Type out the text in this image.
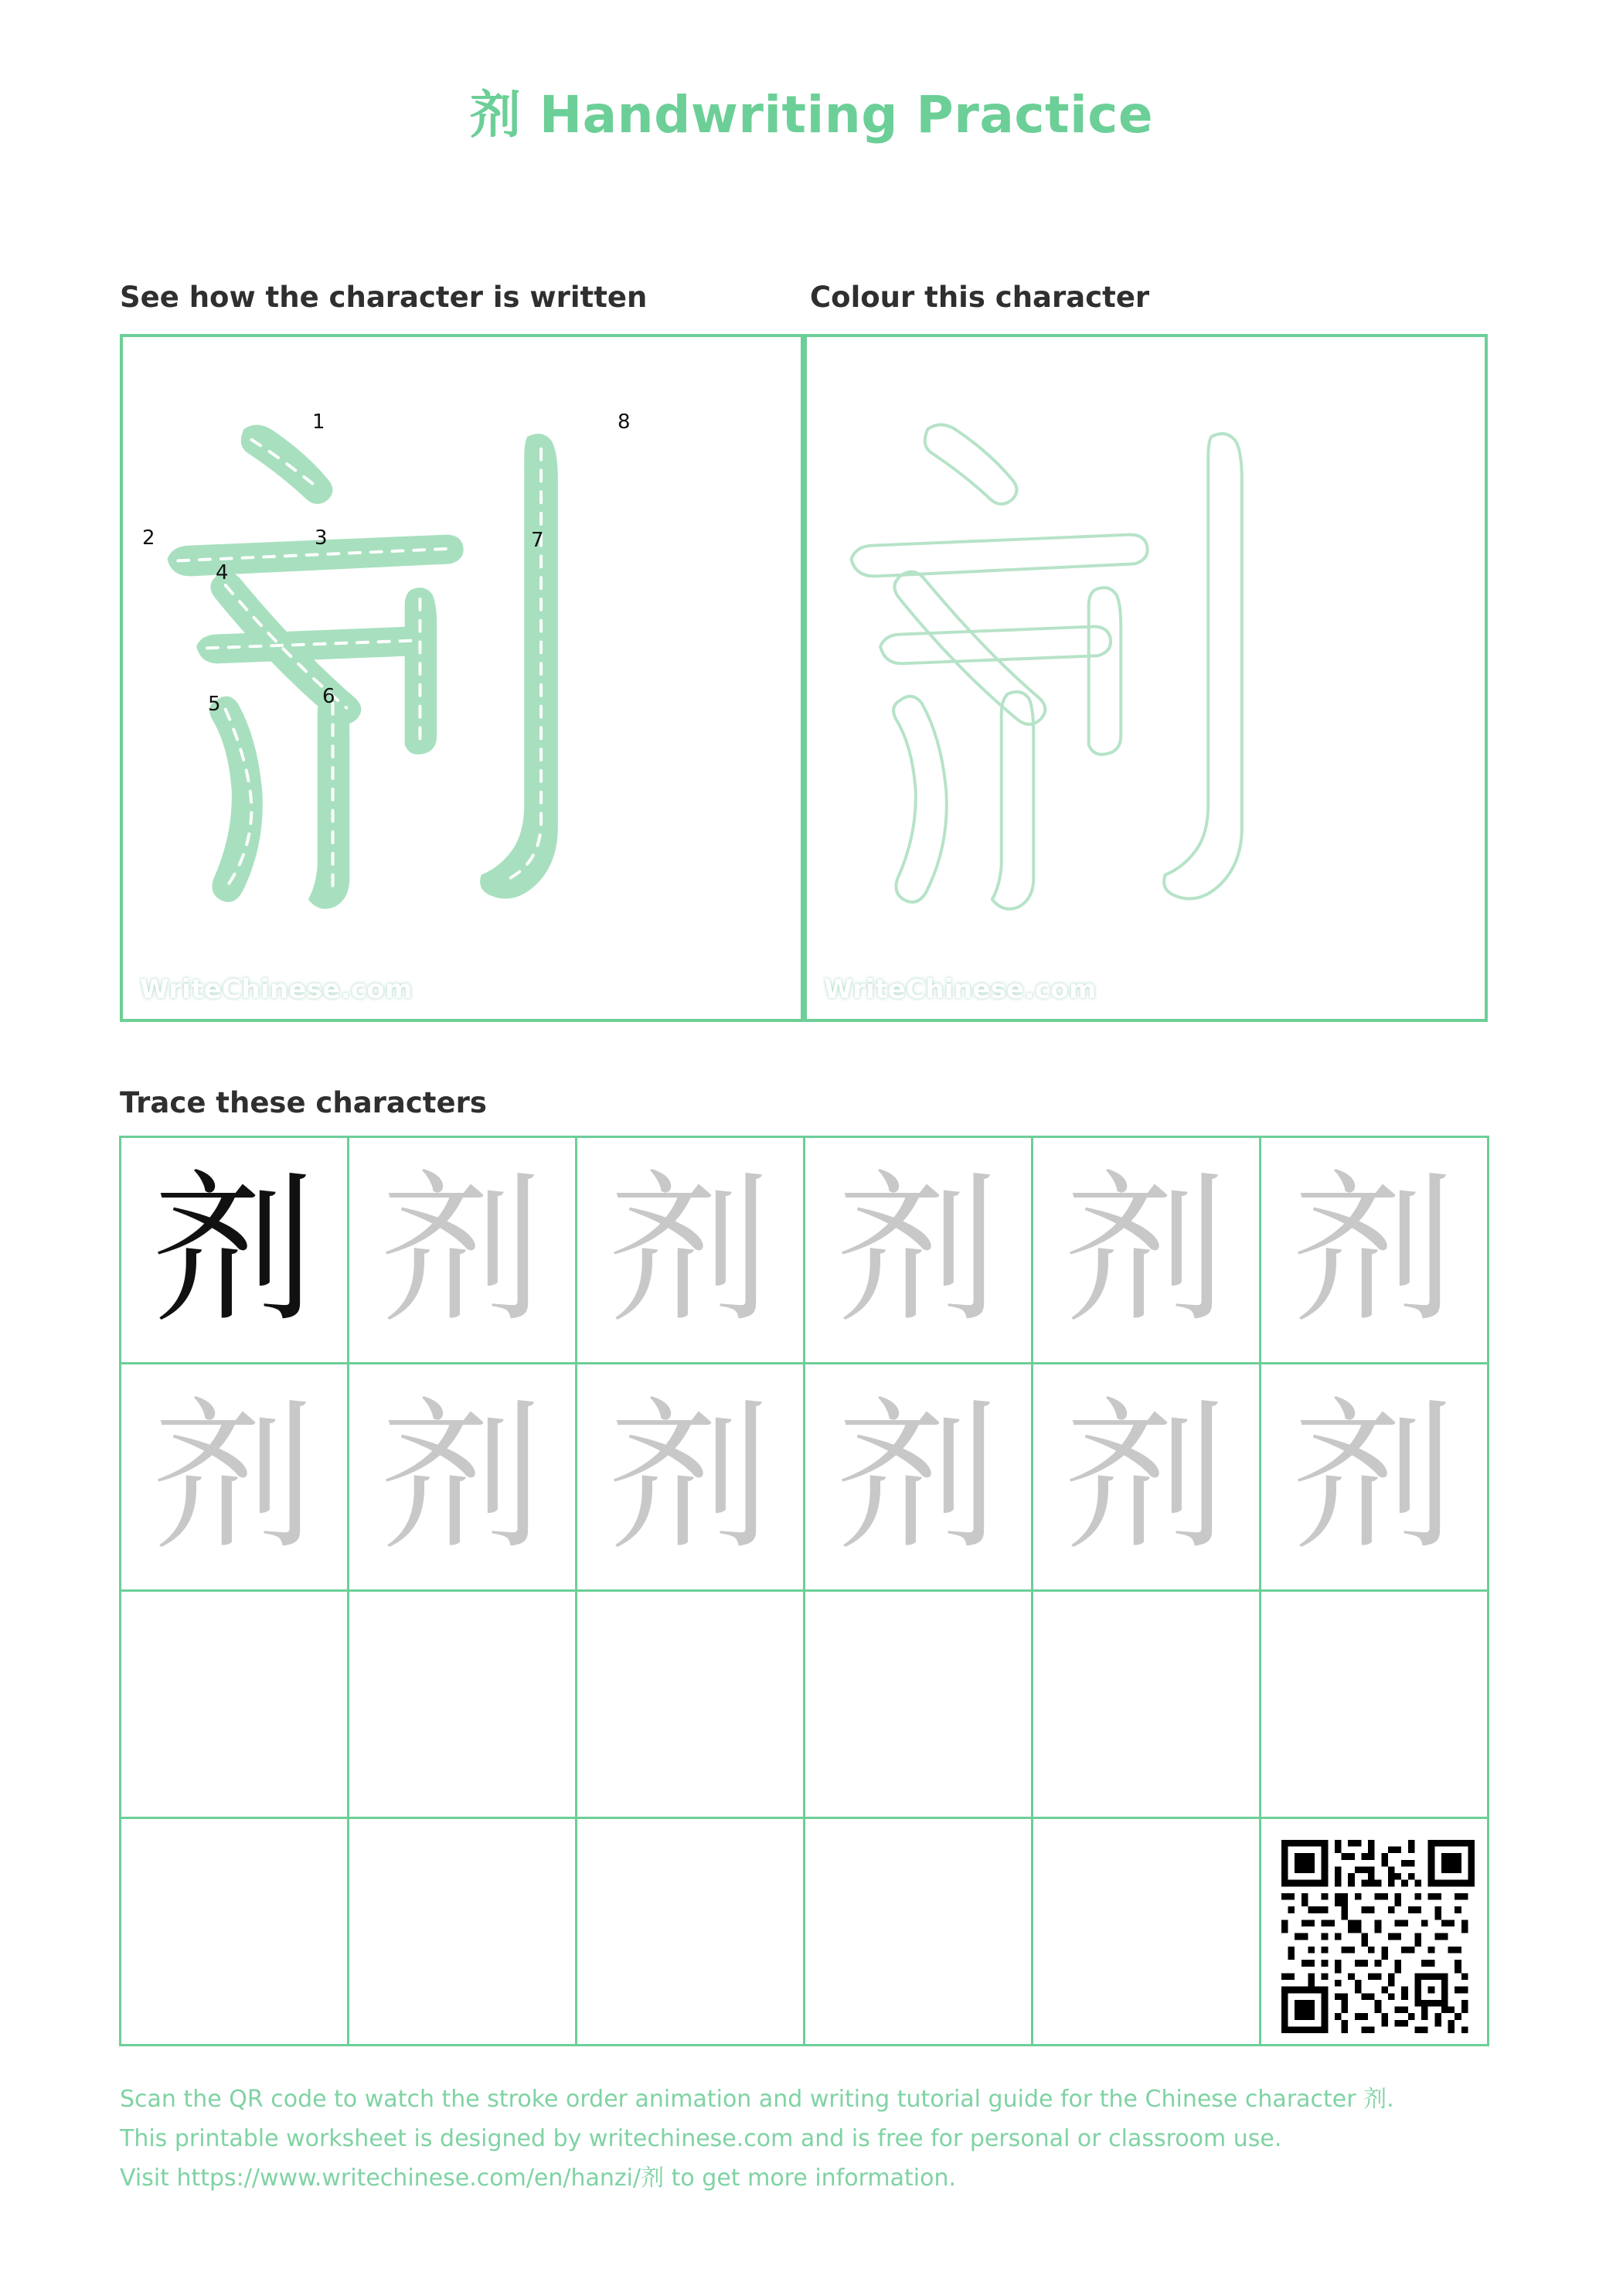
剂 Handwriting Practice
See how the character is written	Colour this character
Trace these characters
1
2	3
4
5	6
7
8
WriteChinese.com	WriteChinese.com
剂 剂 剂 剂 剂 剂
剂 剂 剂 剂 剂 剂
Scan the QR code to watch the stroke order animation and writing tutorial guide for the Chinese character 剂.
This printable worksheet is designed by writechinese.com and is free for personal or classroom use.
Visit https://www.writechinese.com/en/hanzi/剂 to get more information.
